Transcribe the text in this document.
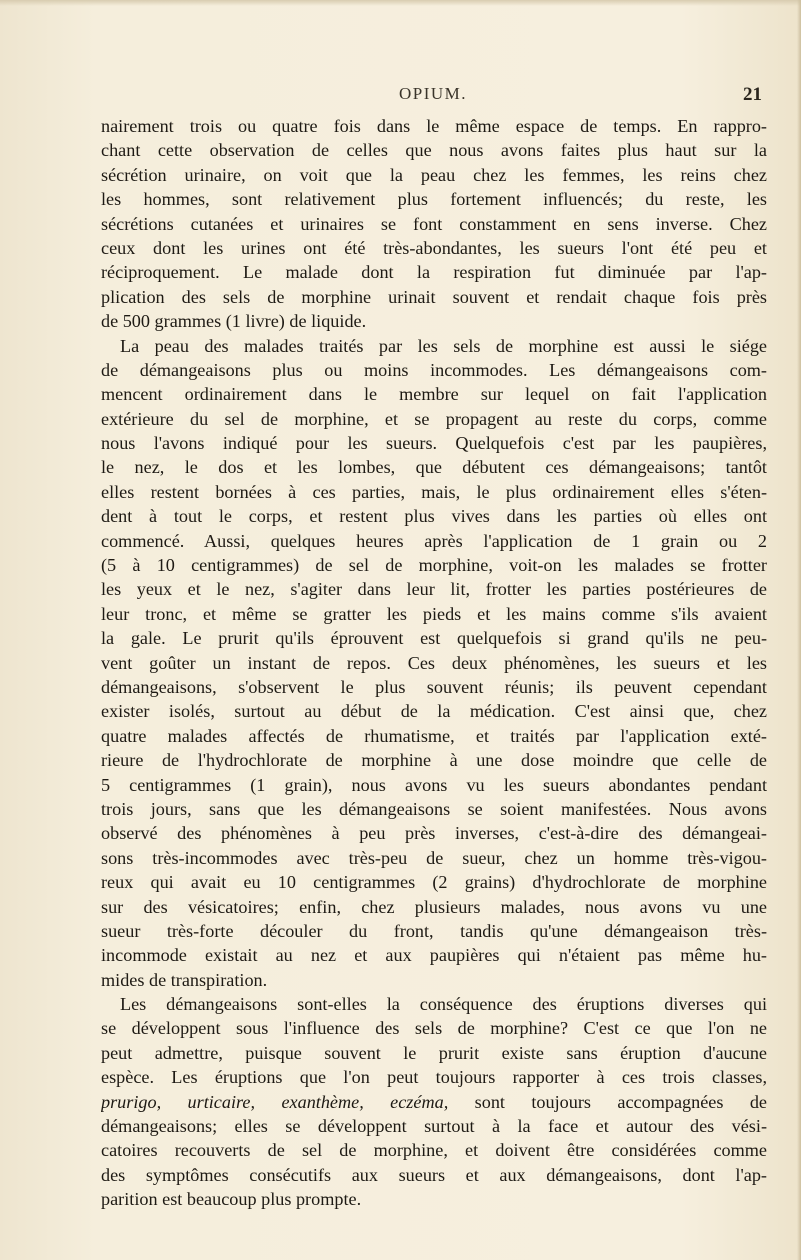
OPIUM.	21
nairement trois ou quatre fois dans le même espace de temps. En rappro-
chant cette observation de celles que nous avons faites plus haut sur la
sécrétion urinaire, on voit que la peau chez les femmes, les reins chez
les hommes, sont relativement plus fortement influencés; du reste, les
sécrétions cutanées et urinaires se font constamment en sens inverse. Chez
ceux dont les urines ont été très-abondantes, les sueurs l'ont été peu et
réciproquement. Le malade dont la respiration fut diminuée par l'ap-
plication des sels de morphine urinait souvent et rendait chaque fois près
de 500 grammes (1 livre) de liquide.
La peau des malades traités par les sels de morphine est aussi le siége
de démangeaisons plus ou moins incommodes. Les démangeaisons com-
mencent ordinairement dans le membre sur lequel on fait l'application
extérieure du sel de morphine, et se propagent au reste du corps, comme
nous l'avons indiqué pour les sueurs. Quelquefois c'est par les paupières,
le nez, le dos et les lombes, que débutent ces démangeaisons; tantôt
elles restent bornées à ces parties, mais, le plus ordinairement elles s'éten-
dent à tout le corps, et restent plus vives dans les parties où elles ont
commencé. Aussi, quelques heures après l'application de 1 grain ou 2
(5 à 10 centigrammes) de sel de morphine, voit-on les malades se frotter
les yeux et le nez, s'agiter dans leur lit, frotter les parties postérieures de
leur tronc, et même se gratter les pieds et les mains comme s'ils avaient
la gale. Le prurit qu'ils éprouvent est quelquefois si grand qu'ils ne peu-
vent goûter un instant de repos. Ces deux phénomènes, les sueurs et les
démangeaisons, s'observent le plus souvent réunis; ils peuvent cependant
exister isolés, surtout au début de la médication. C'est ainsi que, chez
quatre malades affectés de rhumatisme, et traités par l'application exté-
rieure de l'hydrochlorate de morphine à une dose moindre que celle de
5 centigrammes (1 grain), nous avons vu les sueurs abondantes pendant
trois jours, sans que les démangeaisons se soient manifestées. Nous avons
observé des phénomènes à peu près inverses, c'est-à-dire des démangeai-
sons très-incommodes avec très-peu de sueur, chez un homme très-vigou-
reux qui avait eu 10 centigrammes (2 grains) d'hydrochlorate de morphine
sur des vésicatoires; enfin, chez plusieurs malades, nous avons vu une
sueur très-forte découler du front, tandis qu'une démangeaison très-
incommode existait au nez et aux paupières qui n'étaient pas même hu-
mides de transpiration.
Les démangeaisons sont-elles la conséquence des éruptions diverses qui
se développent sous l'influence des sels de morphine? C'est ce que l'on ne
peut admettre, puisque souvent le prurit existe sans éruption d'aucune
espèce. Les éruptions que l'on peut toujours rapporter à ces trois classes,
prurigo, urticaire, exanthème, eczéma, sont toujours accompagnées de
démangeaisons; elles se développent surtout à la face et autour des vési-
catoires recouverts de sel de morphine, et doivent être considérées comme
des symptômes consécutifs aux sueurs et aux démangeaisons, dont l'ap-
parition est beaucoup plus prompte.
